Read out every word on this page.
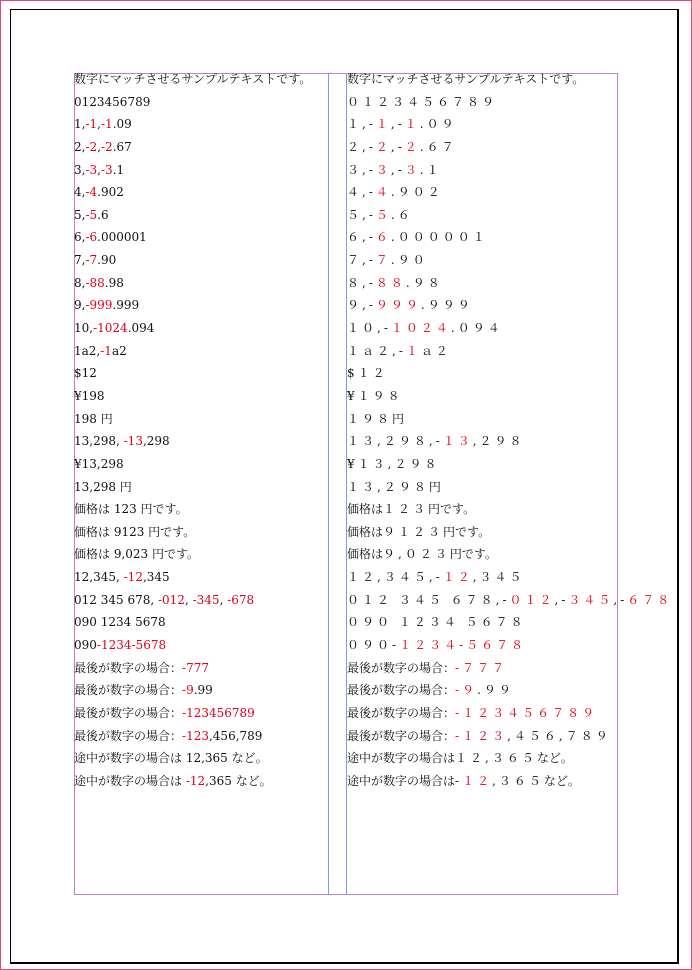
数字にマッチさせるサンプルテキストです。
0123456789
1,-1,-1.09
2,-2,-2.67
3,-3,-3.1
4,-4.902
5,-5.6
6,-6.000001
7,-7.90
8,-88.98
9,-999.999
10,-1024.094
1a2,-1a2
$12
¥198
198 円
13,298, -13,298
¥13,298
13,298 円
価格は 123 円です。
価格は 9123 円です。
価格は 9,023 円です。
12,345, -12,345
012 345 678, -012, -345, -678
090 1234 5678
090-1234-5678
最後が数字の場合：-777
最後が数字の場合：-9.99
最後が数字の場合：-123456789
最後が数字の場合：-123,456,789
途中が数字の場合は 12,365 など。
途中が数字の場合は -12,365 など。
数字にマッチさせるサンプルテキストです。
０１２３４５６７８９
１,-１,-１.０９
２,-２,-２.６７
３,-３,-３.１
４,-４.９０２
５,-５.６
６,-６.０００００１
７,-７.９０
８,-８８.９８
９,-９９９.９９９
１０,-１０２４.０９４
１ａ２,-１ａ２
$１２
¥１９８
１９８円
１３,２９８,-１３,２９８
¥１３,２９８
１３,２９８円
価格は１２３円です。
価格は９１２３円です。
価格は９,０２３円です。
１２,３４５,-１２,３４５
０１２ ３４５ ６７８,-０１２,-３４５,-６７８
０９０ １２３４ ５６７８
０９０-１２３４-５６７８
最後が数字の場合：-７７７
最後が数字の場合：-９.９９
最後が数字の場合：-１２３４５６７８９
最後が数字の場合：-１２３,４５６,７８９
途中が数字の場合は１２,３６５など。
途中が数字の場合は-１２,３６５など。
